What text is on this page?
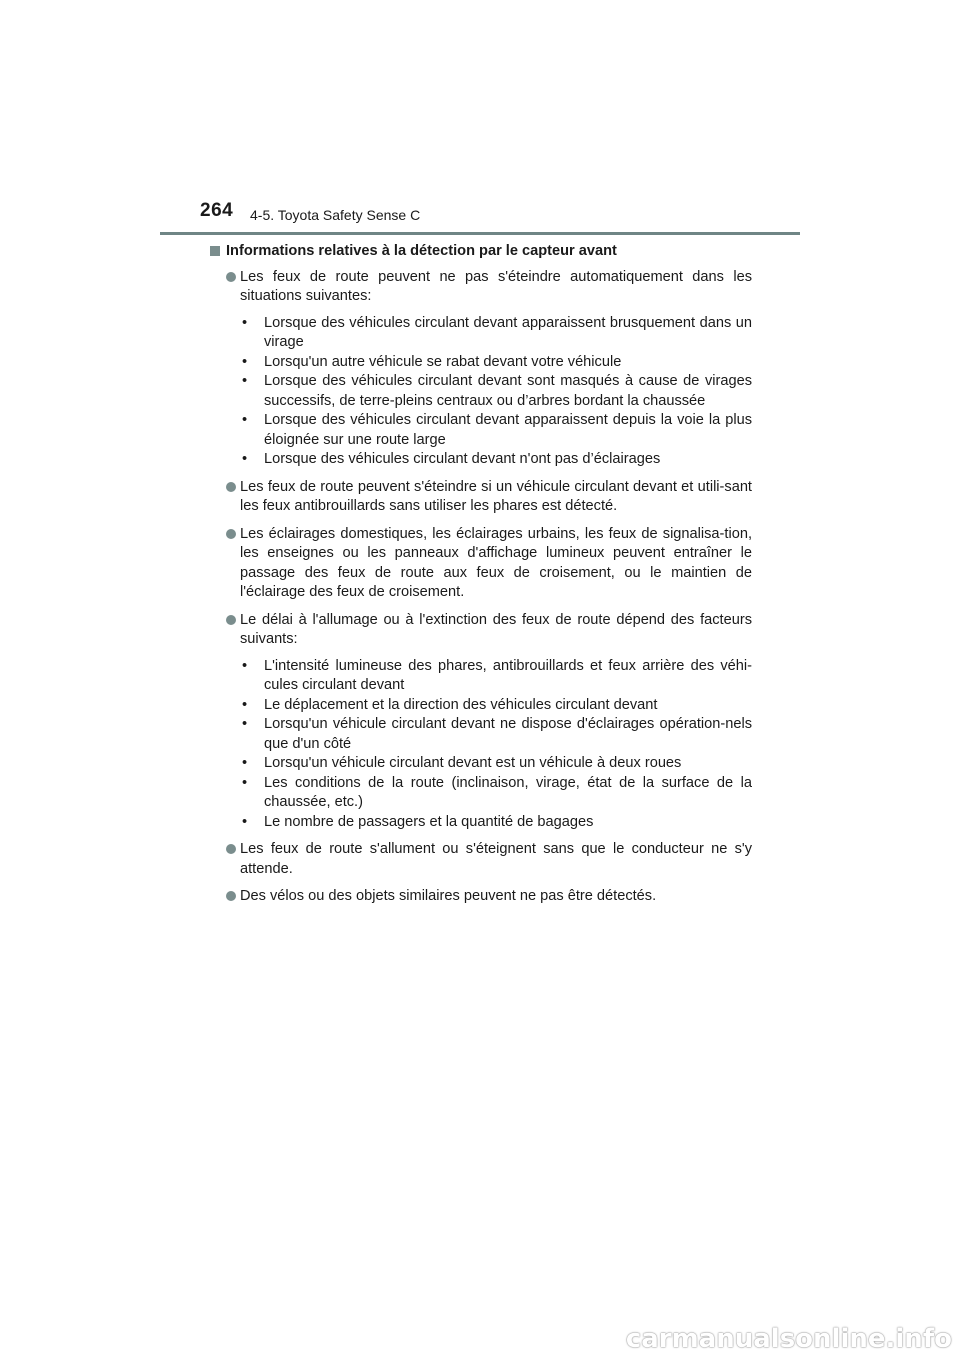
264 4-5. Toyota Safety Sense C
Informations relatives à la détection par le capteur avant
Les feux de route peuvent ne pas s'éteindre automatiquement dans les situations suivantes:
• Lorsque des véhicules circulant devant apparaissent brusquement dans un virage
• Lorsqu'un autre véhicule se rabat devant votre véhicule
• Lorsque des véhicules circulant devant sont masqués à cause de virages successifs, de terre-pleins centraux ou d’arbres bordant la chaussée
• Lorsque des véhicules circulant devant apparaissent depuis la voie la plus éloignée sur une route large
• Lorsque des véhicules circulant devant n'ont pas d’éclairages
Les feux de route peuvent s'éteindre si un véhicule circulant devant et utili-sant les feux antibrouillards sans utiliser les phares est détecté.
Les éclairages domestiques, les éclairages urbains, les feux de signalisa-tion, les enseignes ou les panneaux d'affichage lumineux peuvent entraîner le passage des feux de route aux feux de croisement, ou le maintien de l'éclairage des feux de croisement.
Le délai à l'allumage ou à l'extinction des feux de route dépend des facteurs suivants:
• L'intensité lumineuse des phares, antibrouillards et feux arrière des véhi-cules circulant devant
• Le déplacement et la direction des véhicules circulant devant
• Lorsqu'un véhicule circulant devant ne dispose d'éclairages opération-nels que d'un côté
• Lorsqu'un véhicule circulant devant est un véhicule à deux roues
• Les conditions de la route (inclinaison, virage, état de la surface de la chaussée, etc.)
• Le nombre de passagers et la quantité de bagages
Les feux de route s'allument ou s'éteignent sans que le conducteur ne s'y attende.
Des vélos ou des objets similaires peuvent ne pas être détectés.
carmanualsonline.info
